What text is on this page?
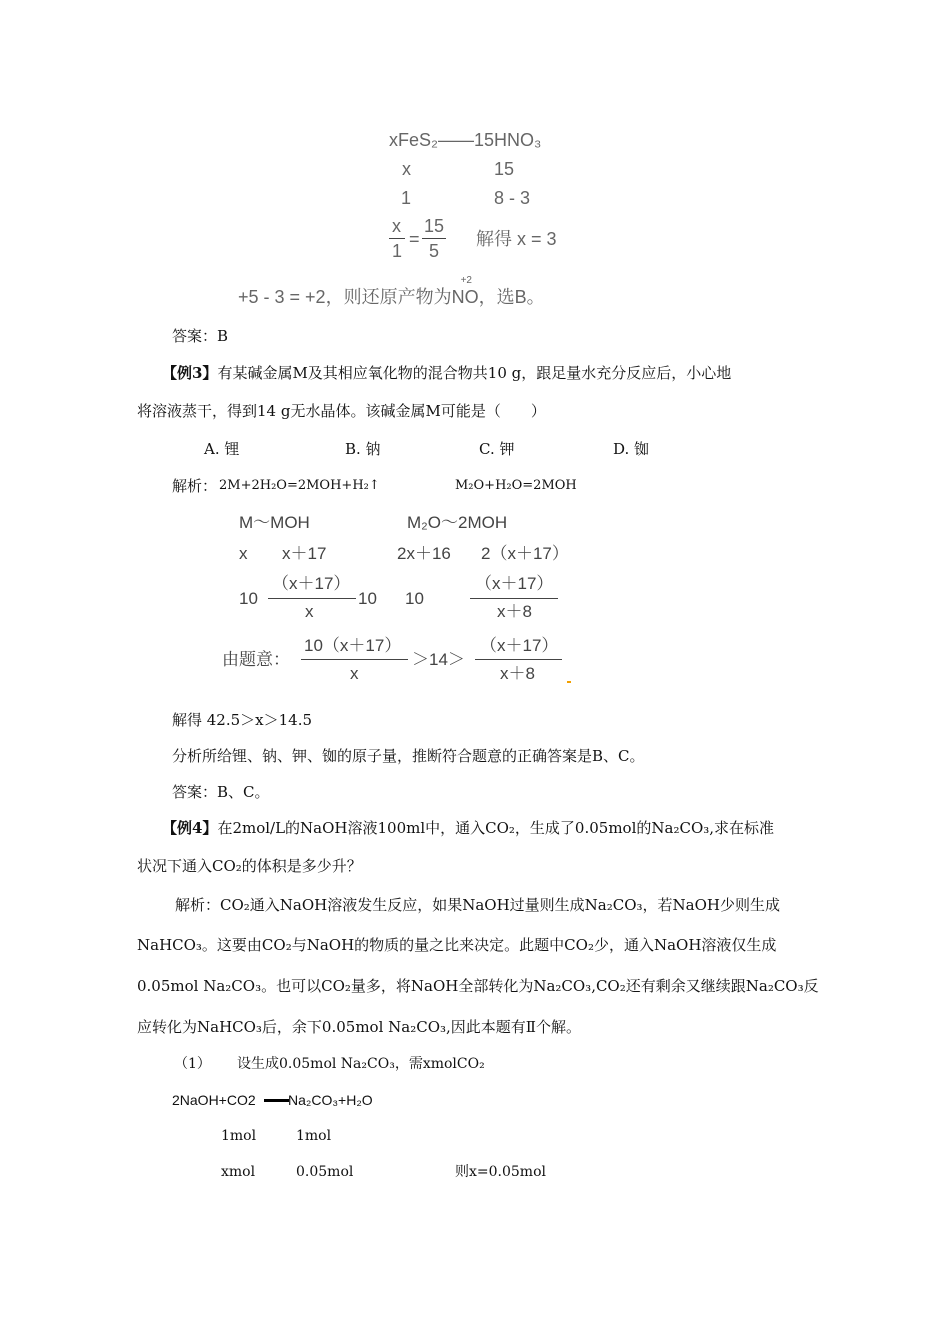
xFeS₂——15HNO₃
x	15
1	8 - 3
x
1
=
15
5
解得 x = 3
+5 - 3 = +2，则还原产物为
+2
NO，选B。
答案：B
【例3】有某碱金属M及其相应氧化物的混合物共10 g，跟足量水充分反应后，小心地
将溶液蒸干，得到14 g无水晶体。该碱金属M可能是（　　）
A. 锂	B. 钠	C. 钾	D. 铷
解析： 2M+2H₂O=2MOH+H₂↑	M₂O+H₂O=2MOH
M～MOH	M₂O～2MOH
x x＋17	2x＋16 2（x＋17）
10
（x＋17）
x
10 10
（x＋17）
x＋8
由题意：
10（x＋17）
x
＞14＞
（x＋17）
x＋8
解得 42.5＞x＞14.5
分析所给锂、钠、钾、铷的原子量，推断符合题意的正确答案是B、C。
答案：B、C。
【例4】在2mol/L的NaOH溶液100ml中，通入CO₂，生成了0.05mol的Na₂CO₃,求在标准
状况下通入CO₂的体积是多少升？
解析：CO₂通入NaOH溶液发生反应，如果NaOH过量则生成Na₂CO₃，若NaOH少则生成
NaHCO₃。这要由CO₂与NaOH的物质的量之比来决定。此题中CO₂少，通入NaOH溶液仅生成
0.05mol Na₂CO₃。也可以CO₂量多，将NaOH全部转化为Na₂CO₃,CO₂还有剩余又继续跟Na₂CO₃反
应转化为NaHCO₃后，余下0.05mol Na₂CO₃,因此本题有Ⅱ个解。
（1） 设生成0.05mol Na₂CO₃，需xmolCO₂
2NaOH+CO2 Na₂CO₃+H₂O
1mol	1mol
xmol	0.05mol	则x=0.05mol
